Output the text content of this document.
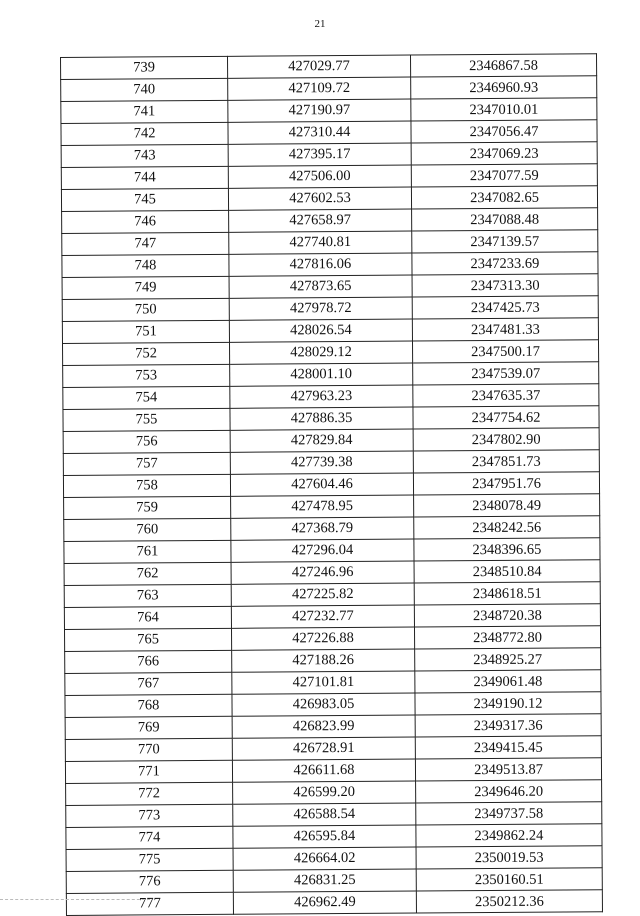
21
739	427029.77	2346867.58
740	427109.72	2346960.93
741	427190.97	2347010.01
742	427310.44	2347056.47
743	427395.17	2347069.23
744	427506.00	2347077.59
745	427602.53	2347082.65
746	427658.97	2347088.48
747	427740.81	2347139.57
748	427816.06	2347233.69
749	427873.65	2347313.30
750	427978.72	2347425.73
751	428026.54	2347481.33
752	428029.12	2347500.17
753	428001.10	2347539.07
754	427963.23	2347635.37
755	427886.35	2347754.62
756	427829.84	2347802.90
757	427739.38	2347851.73
758	427604.46	2347951.76
759	427478.95	2348078.49
760	427368.79	2348242.56
761	427296.04	2348396.65
762	427246.96	2348510.84
763	427225.82	2348618.51
764	427232.77	2348720.38
765	427226.88	2348772.80
766	427188.26	2348925.27
767	427101.81	2349061.48
768	426983.05	2349190.12
769	426823.99	2349317.36
770	426728.91	2349415.45
771	426611.68	2349513.87
772	426599.20	2349646.20
773	426588.54	2349737.58
774	426595.84	2349862.24
775	426664.02	2350019.53
776	426831.25	2350160.51
777	426962.49	2350212.36
